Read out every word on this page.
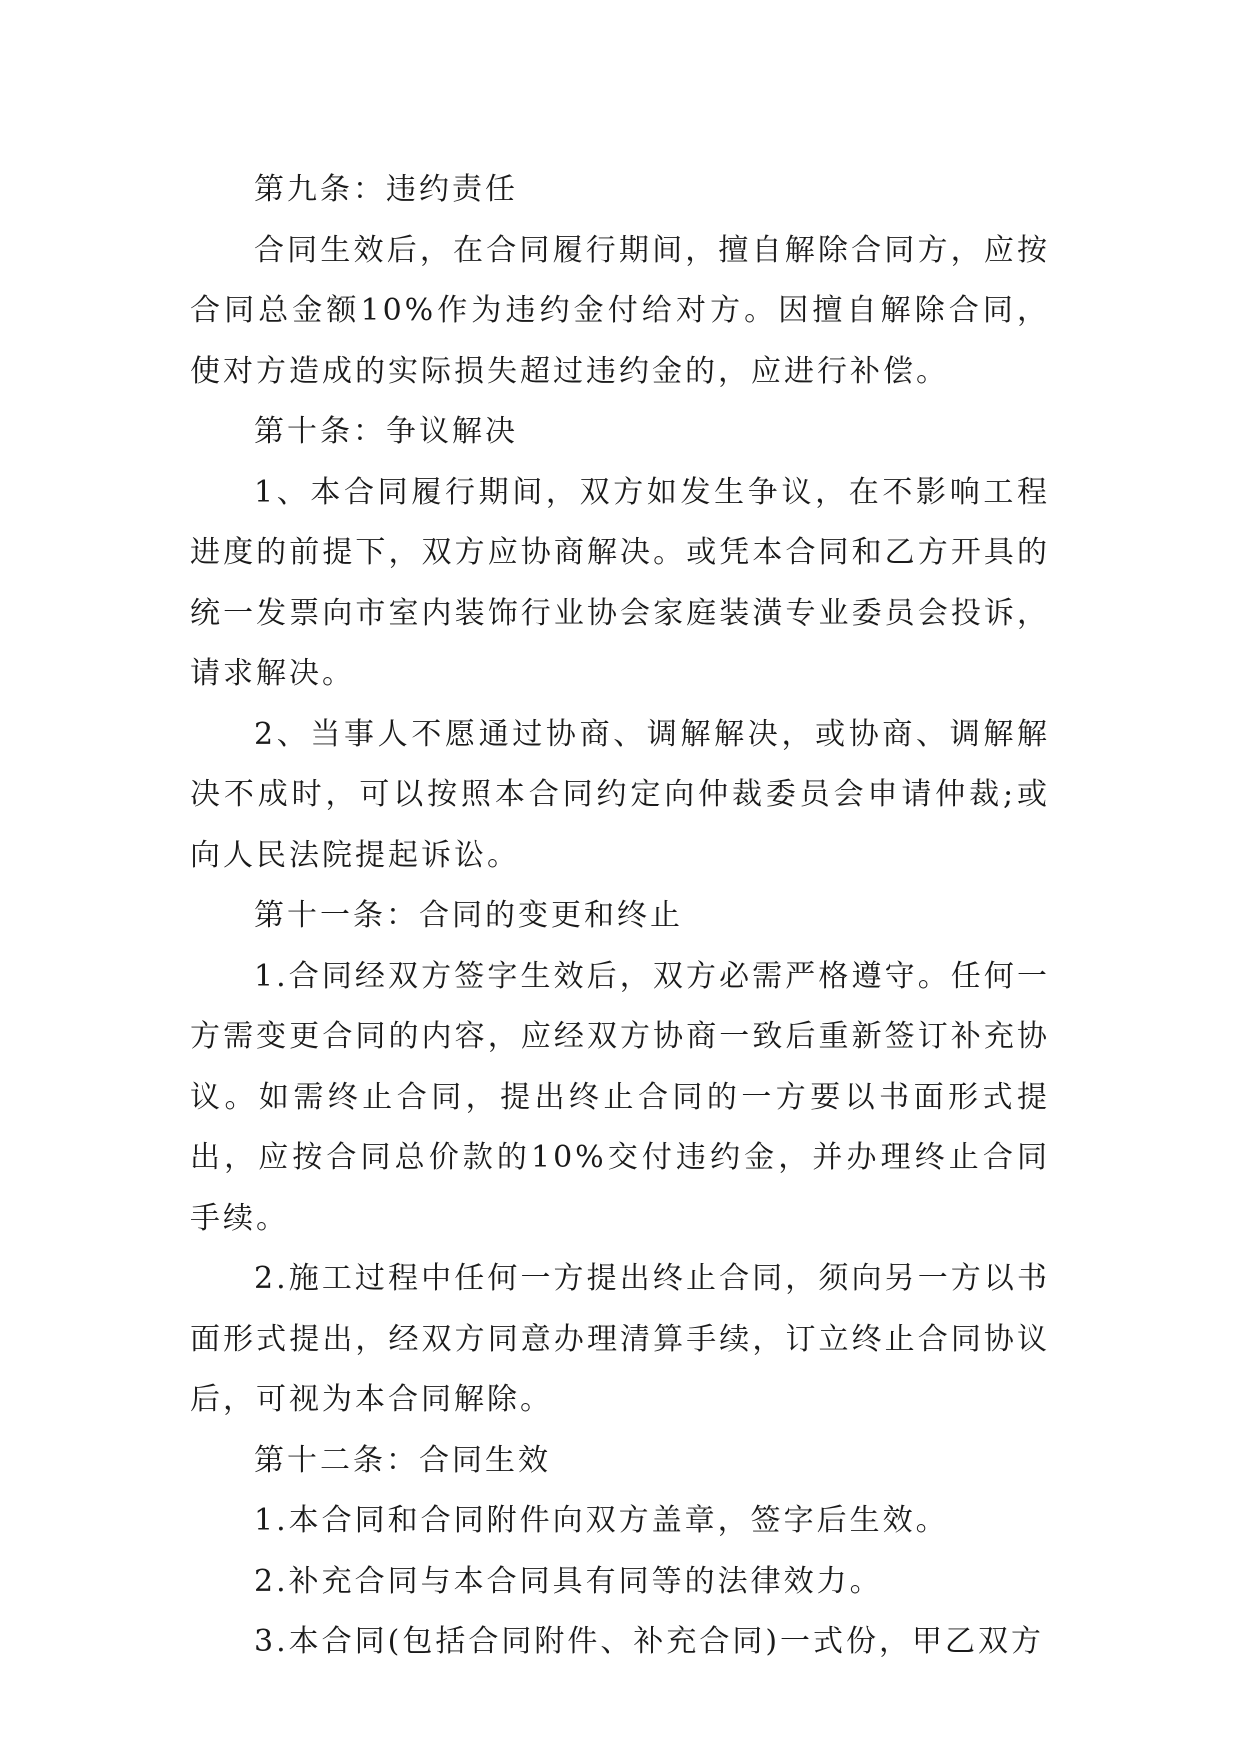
第九条：违约责任

合同生效后，在合同履行期间，擅自解除合同方，应按合同总金额10%作为违约金付给对方。因擅自解除合同，使对方造成的实际损失超过违约金的，应进行补偿。

第十条：争议解决

1、本合同履行期间，双方如发生争议，在不影响工程进度的前提下，双方应协商解决。或凭本合同和乙方开具的统一发票向市室内装饰行业协会家庭装潢专业委员会投诉，请求解决。

2、当事人不愿通过协商、调解解决，或协商、调解解决不成时，可以按照本合同约定向仲裁委员会申请仲裁;或向人民法院提起诉讼。

第十一条：合同的变更和终止

1.合同经双方签字生效后，双方必需严格遵守。任何一方需变更合同的内容，应经双方协商一致后重新签订补充协议。如需终止合同，提出终止合同的一方要以书面形式提出，应按合同总价款的10%交付违约金，并办理终止合同手续。

2.施工过程中任何一方提出终止合同，须向另一方以书面形式提出，经双方同意办理清算手续，订立终止合同协议后，可视为本合同解除。

第十二条：合同生效

1.本合同和合同附件向双方盖章，签字后生效。

2.补充合同与本合同具有同等的法律效力。

3.本合同(包括合同附件、补充合同)一式份，甲乙双方
